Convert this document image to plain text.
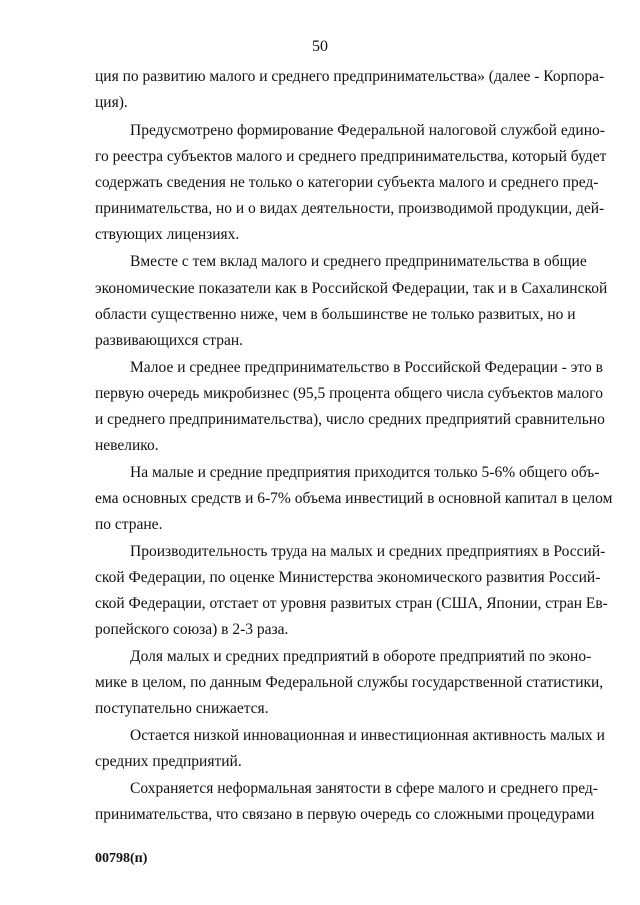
50
ция по развитию малого и среднего предпринимательства» (далее - Корпора-
ция).
Предусмотрено формирование Федеральной налоговой службой едино-
го реестра субъектов малого и среднего предпринимательства, который будет
содержать сведения не только о категории субъекта малого и среднего пред-
принимательства, но и о видах деятельности, производимой продукции, дей-
ствующих лицензиях.
Вместе с тем вклад малого и среднего предпринимательства в общие
экономические показатели как в Российской Федерации, так и в Сахалинской
области существенно ниже, чем в большинстве не только развитых, но и
развивающихся стран.
Малое и среднее предпринимательство в Российской Федерации - это в
первую очередь микробизнес (95,5 процента общего числа субъектов малого
и среднего предпринимательства), число средних предприятий сравнительно
невелико.
На малые и средние предприятия приходится только 5-6% общего объ-
ема основных средств и 6-7% объема инвестиций в основной капитал в целом
по стране.
Производительность труда на малых и средних предприятиях в Россий-
ской Федерации, по оценке Министерства экономического развития Россий-
ской Федерации, отстает от уровня развитых стран (США, Японии, стран Ев-
ропейского союза) в 2-3 раза.
Доля малых и средних предприятий в обороте предприятий по эконо-
мике в целом, по данным Федеральной службы государственной статистики,
поступательно снижается.
Остается низкой инновационная и инвестиционная активность малых и
средних предприятий.
Сохраняется неформальная занятости в сфере малого и среднего пред-
принимательства, что связано в первую очередь со сложными процедурами
00798(п)
